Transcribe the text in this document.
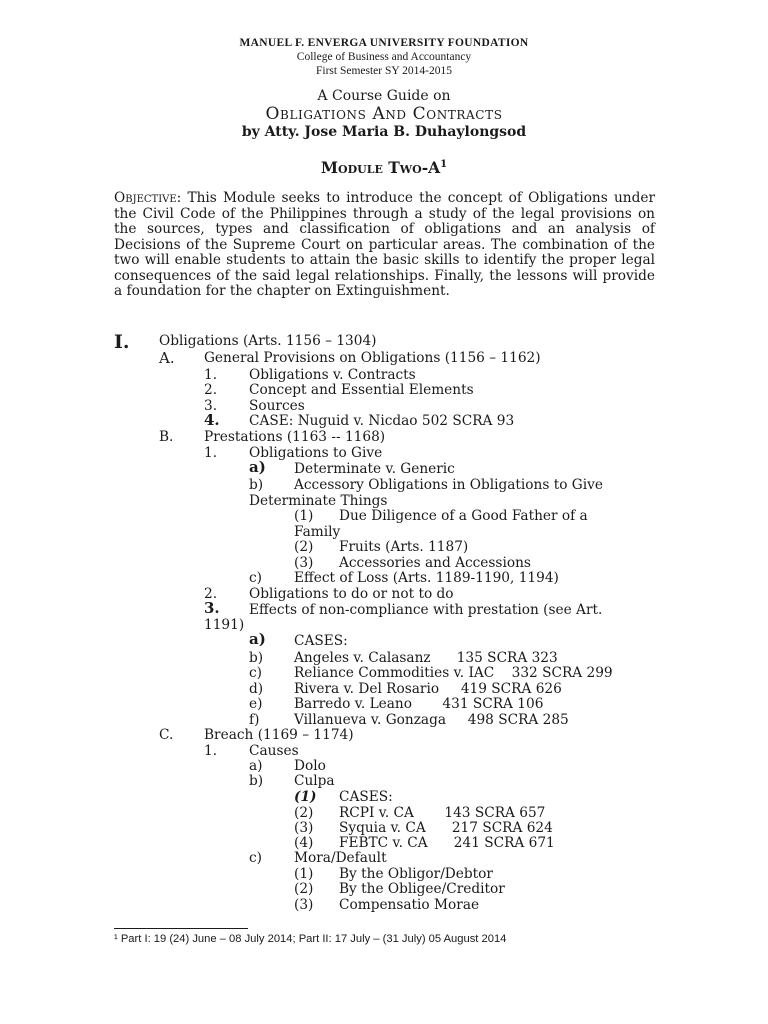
MANUEL F. ENVERGA UNIVERSITY FOUNDATION
College of Business and Accountancy
First Semester SY 2014-2015
A Course Guide on
Obligations And Contracts
by Atty. Jose Maria B. Duhaylongsod
Module Two-$A^1$
Objective: This Module seeks to introduce the concept of Obligations under the Civil Code of the Philippines through a study of the legal provisions on the sources, types and classification of obligations and an analysis of Decisions of the Supreme Court on particular areas. The combination of the two will enable students to attain the basic skills to identify the proper legal consequences of the said legal relationships. Finally, the lessons will provide a foundation for the chapter on Extinguishment.
I. Obligations (Arts. 1156 – 1304)
A. General Provisions on Obligations (1156 – 1162)
1. Obligations v. Contracts
2. Concept and Essential Elements
3. Sources
4. CASE: Nuguid v. Nicdao 502 SCRA 93
B. Prestations (1163 -- 1168)
1. Obligations to Give
a) Determinate v. Generic
b) Accessory Obligations in Obligations to Give
Determinate Things
(1) Due Diligence of a Good Father of a
Family
(2) Fruits (Arts. 1187)
(3) Accessories and Accessions
c) Effect of Loss (Arts. 1189-1190, 1194)
2. Obligations to do or not to do
3. Effects of non-compliance with prestation (see Art.
1191)
a) CASES:
b) Angeles v. Calasanz      135 SCRA 323
c) Reliance Commodities v. IAC    332 SCRA 299
d) Rivera v. Del Rosario     419 SCRA 626
e) Barredo v. Leano       431 SCRA 106
f)	Villanueva v. Gonzaga     498 SCRA 285
C. Breach (1169 – 1174)
1. Causes
a) Dolo
b) Culpa
(1) CASES:
(2) RCPI v. CA       143 SCRA 657
(3) Syquia v. CA      217 SCRA 624
(4) FEBTC v. CA      241 SCRA 671
c) Mora/Default
(1) By the Obligor/Debtor
(2) By the Obligee/Creditor
(3) Compensatio Morae
¹ Part I: 19 (24) June – 08 July 2014; Part II: 17 July – (31 July) 05 August 2014
